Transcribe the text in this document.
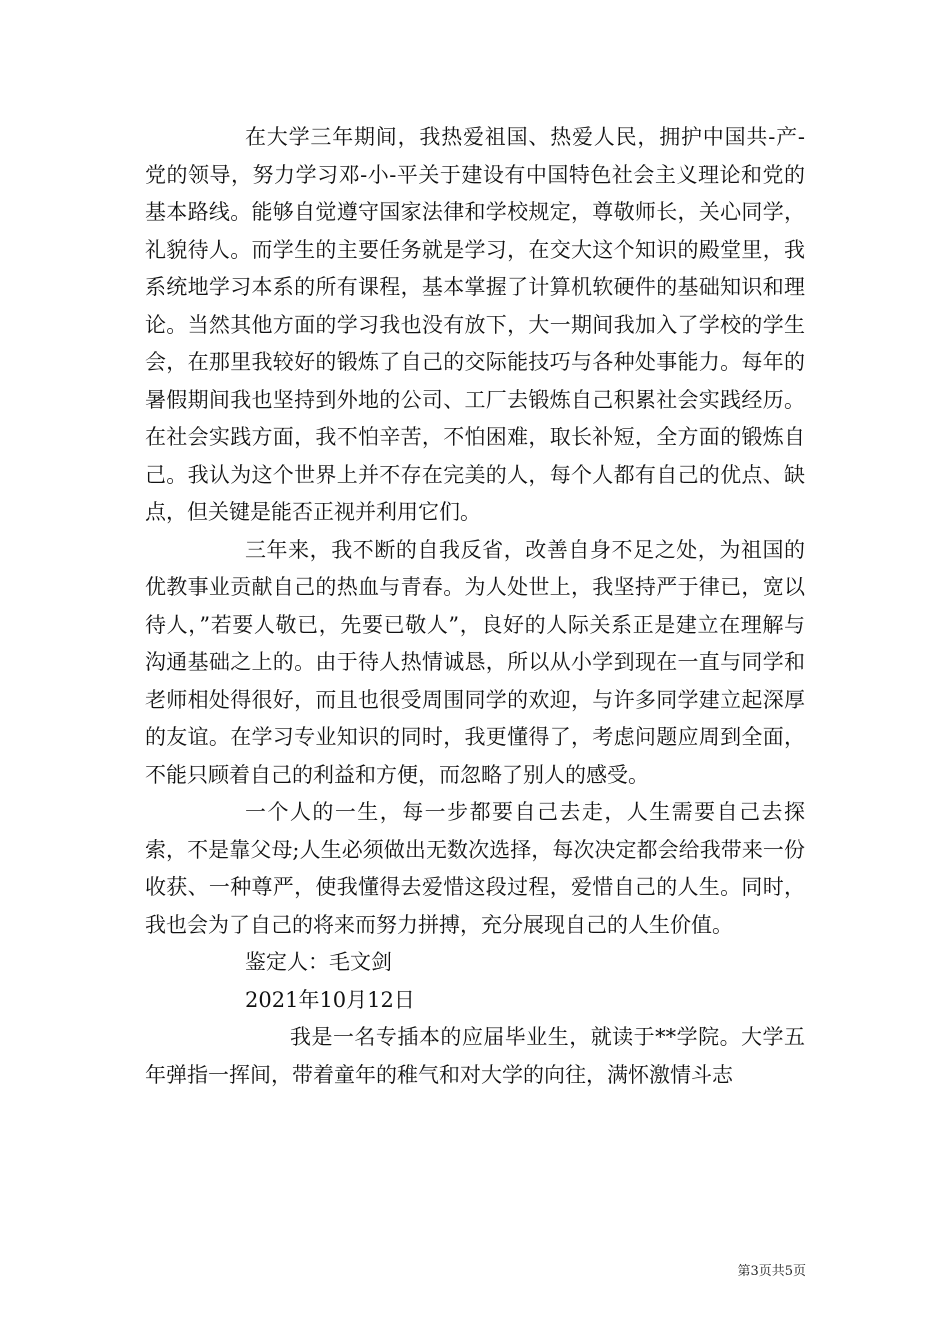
在大学三年期间，我热爱祖国、热爱人民，拥护中国共-产-党的领导，努力学习邓-小-平关于建设有中国特色社会主义理论和党的基本路线。能够自觉遵守国家法律和学校规定，尊敬师长，关心同学，礼貌待人。而学生的主要任务就是学习，在交大这个知识的殿堂里，我系统地学习本系的所有课程，基本掌握了计算机软硬件的基础知识和理论。当然其他方面的学习我也没有放下，大一期间我加入了学校的学生会，在那里我较好的锻炼了自己的交际能技巧与各种处事能力。每年的暑假期间我也坚持到外地的公司、工厂去锻炼自己积累社会实践经历。在社会实践方面，我不怕辛苦，不怕困难，取长补短，全方面的锻炼自己。我认为这个世界上并不存在完美的人，每个人都有自己的优点、缺点，但关键是能否正视并利用它们。

三年来，我不断的自我反省，改善自身不足之处，为祖国的优教事业贡献自己的热血与青春。为人处世上，我坚持严于律已，宽以待人，”若要人敬已，先要已敬人”，良好的人际关系正是建立在理解与沟通基础之上的。由于待人热情诚恳，所以从小学到现在一直与同学和老师相处得很好，而且也很受周围同学的欢迎，与许多同学建立起深厚的友谊。在学习专业知识的同时，我更懂得了，考虑问题应周到全面，不能只顾着自己的利益和方便，而忽略了别人的感受。

一个人的一生，每一步都要自己去走，人生需要自己去探索，不是靠父母;人生必须做出无数次选择，每次决定都会给我带来一份收获、一种尊严，使我懂得去爱惜这段过程，爱惜自己的人生。同时，我也会为了自己的将来而努力拼搏，充分展现自己的人生价值。

鉴定人：毛文剑

2021年10月12日

我是一名专插本的应届毕业生，就读于**学院。大学五年弹指一挥间，带着童年的稚气和对大学的向往，满怀激情斗志

第3页共5页
